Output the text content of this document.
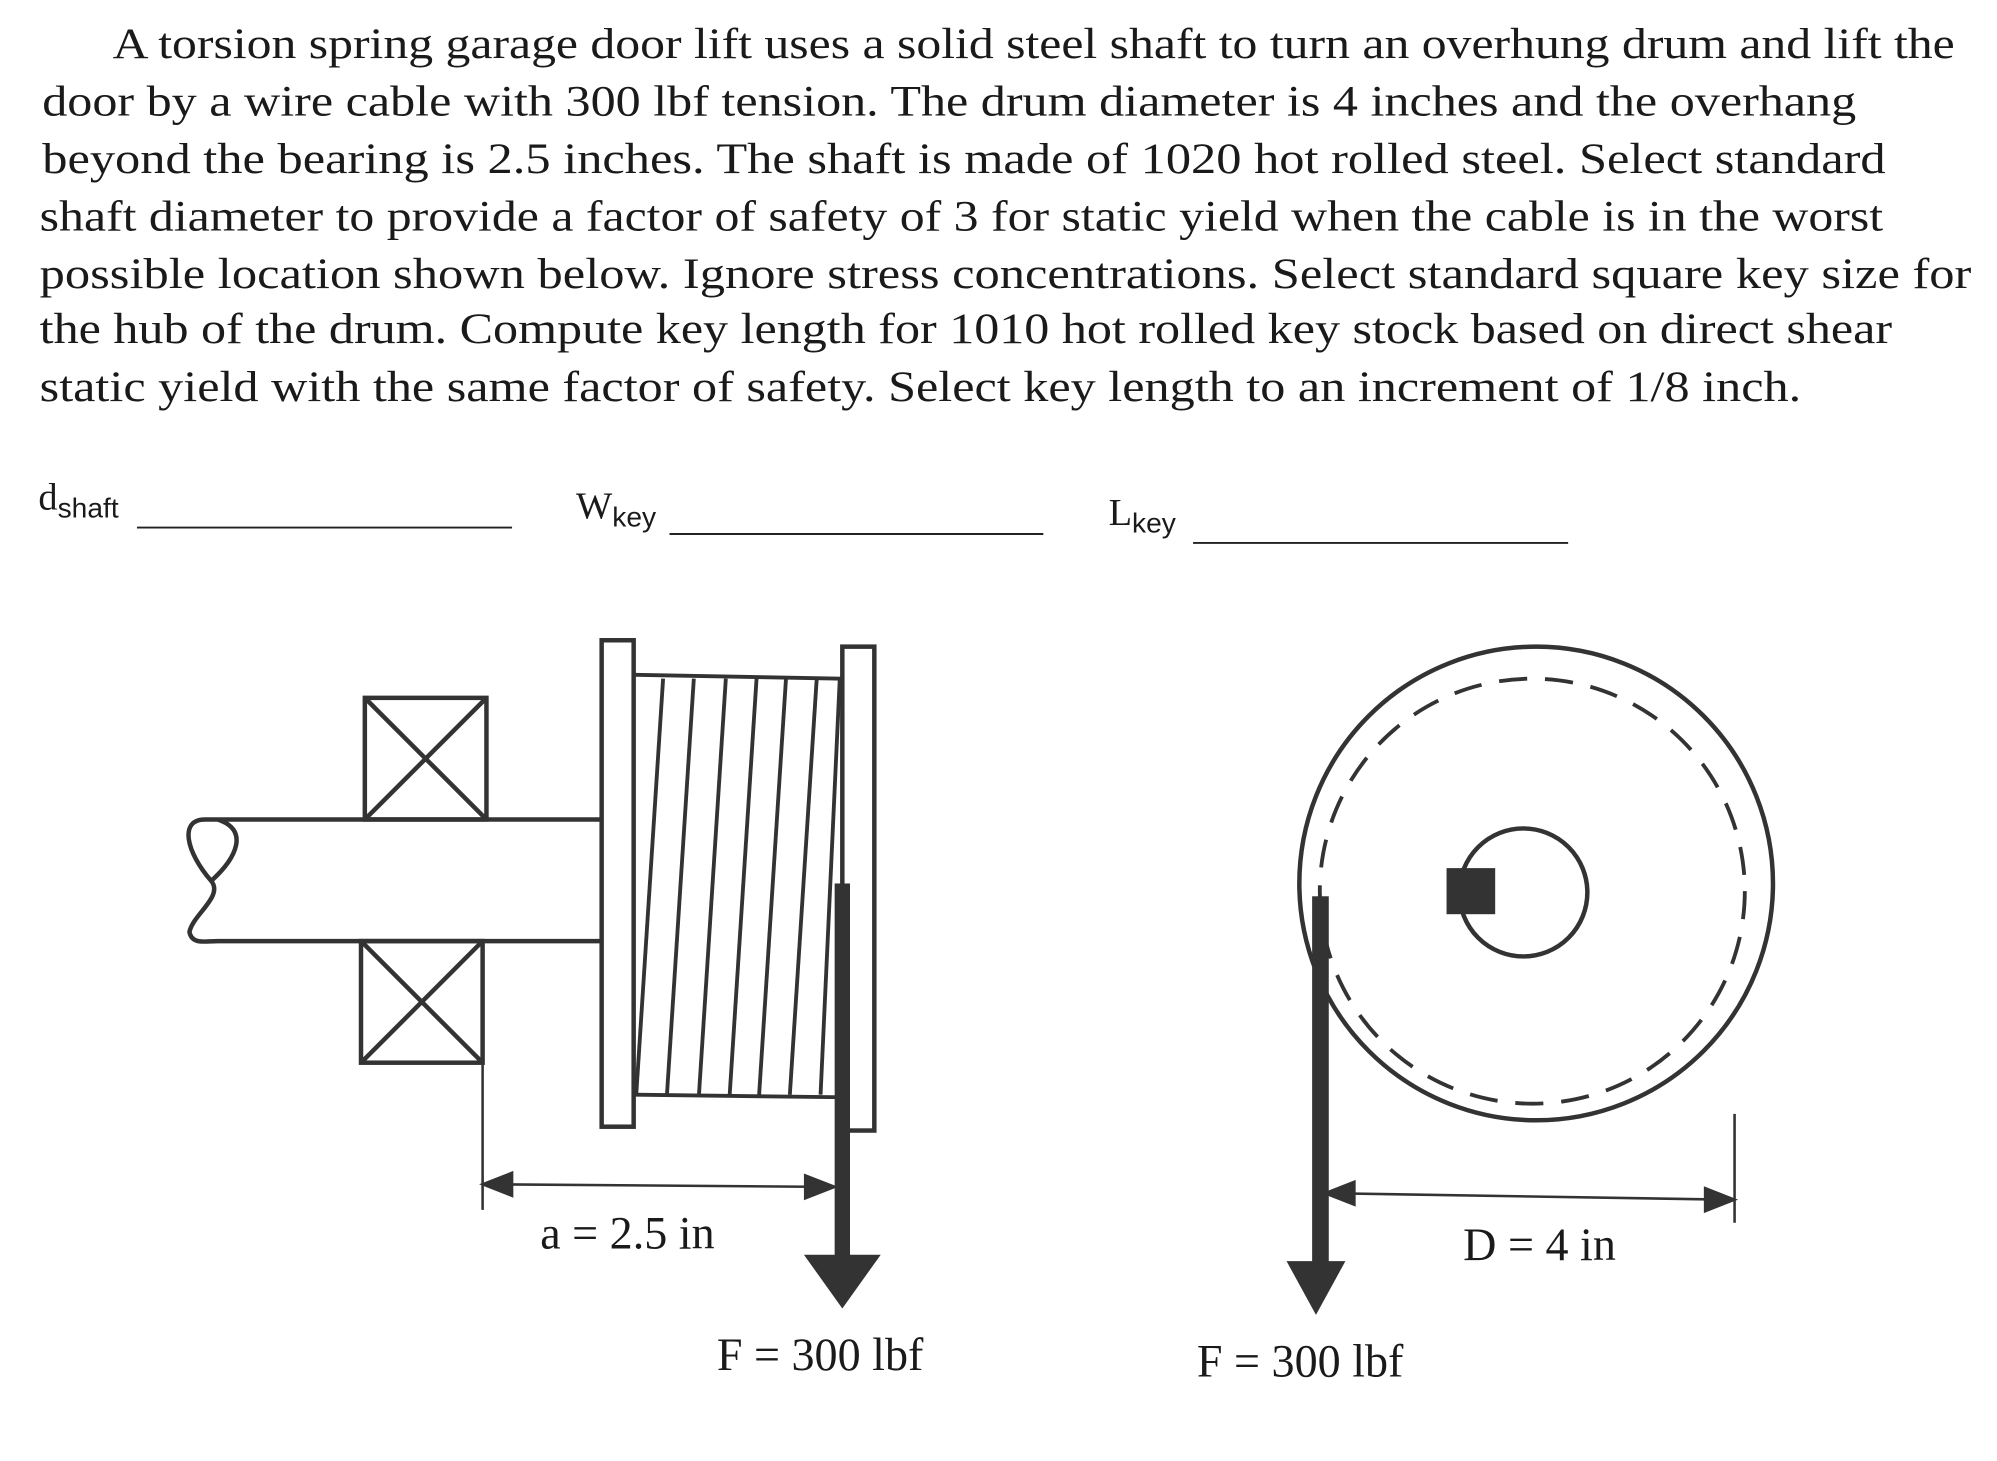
A torsion spring garage door lift uses a solid steel shaft to turn an overhung drum and lift the
door by a wire cable with 300 lbf tension. The drum diameter is 4 inches and the overhang
beyond the bearing is 2.5 inches. The shaft is made of 1020 hot rolled steel. Select standard
shaft diameter to provide a factor of safety of 3 for static yield when the cable is in the worst
possible location shown below. Ignore stress concentrations. Select standard square key size for
the hub of the drum. Compute key length for 1010 hot rolled key stock based on direct shear
static yield with the same factor of safety. Select key length to an increment of 1/8 inch.
$d_{shaft}$	$W_{key}$	$L_{key}$
a = 2.5 in
F = 300 lbf
D = 4 in
F = 300 lbf
